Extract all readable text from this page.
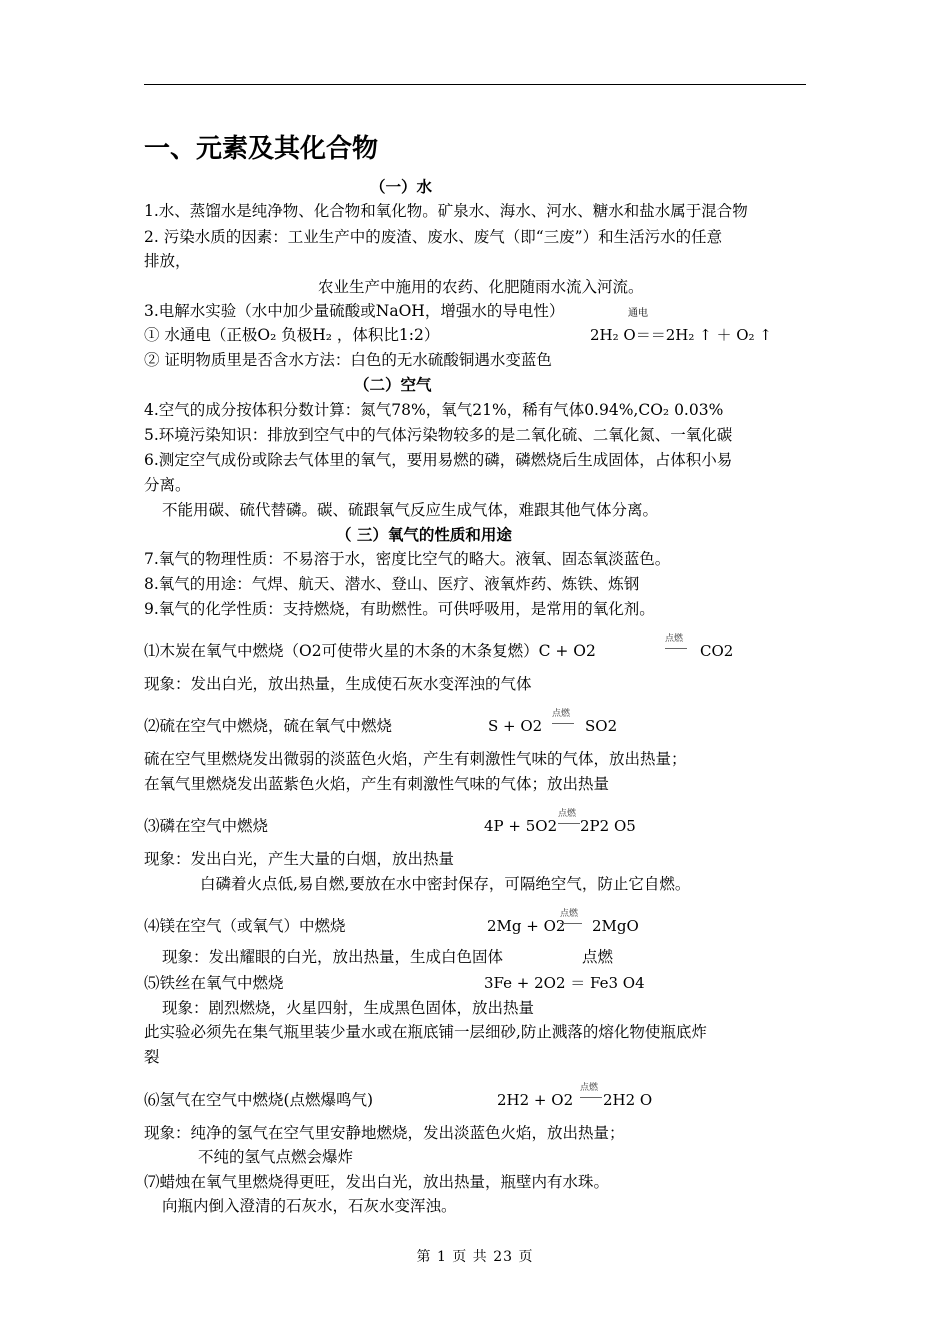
一、元素及其化合物
（一）水
1.水、蒸馏水是纯净物、化合物和氧化物。矿泉水、海水、河水、糖水和盐水属于混合物
2. 污染水质的因素：工业生产中的废渣、废水、废气（即“三废”）和生活污水的任意
排放，
农业生产中施用的农药、化肥随雨水流入河流。
3.电解水实验（水中加少量硫酸或NaOH，增强水的导电性）	通电
① 水通电（正极O₂ 负极H₂ ，体积比1:2）	2H₂ O＝＝2H₂ ↑ ＋ O₂ ↑
② 证明物质里是否含水方法：白色的无水硫酸铜遇水变蓝色
（二）空气
4.空气的成分按体积分数计算：氮气78%，氧气21%，稀有气体0.94%,CO₂ 0.03%
5.环境污染知识：排放到空气中的气体污染物较多的是二氧化硫、二氧化氮、一氧化碳
6.测定空气成份或除去气体里的氧气，要用易燃的磷，磷燃烧后生成固体，占体积小易
分离。
不能用碳、硫代替磷。碳、硫跟氧气反应生成气体，难跟其他气体分离。
（ 三）氧气的性质和用途
7.氧气的物理性质：不易溶于水，密度比空气的略大。液氧、固态氧淡蓝色。
8.氧气的用途：气焊、航天、潜水、登山、医疗、液氧炸药、炼铁、炼钢
9.氧气的化学性质：支持燃烧，有助燃性。可供呼吸用，是常用的氧化剂。
⑴木炭在氧气中燃烧（O2可使带火星的木条的木条复燃）C + O2
点燃
CO2
现象：发出白光，放出热量，生成使石灰水变浑浊的气体
⑵硫在空气中燃烧，硫在氧气中燃烧	S + O2
点燃
SO2
硫在空气里燃烧发出微弱的淡蓝色火焰，产生有刺激性气味的气体，放出热量；
在氧气里燃烧发出蓝紫色火焰，产生有刺激性气味的气体；放出热量
⑶磷在空气中燃烧	4P + 5O2
点燃
2P2 O5
现象：发出白光，产生大量的白烟，放出热量
白磷着火点低,易自燃,要放在水中密封保存，可隔绝空气，防止它自燃。
⑷镁在空气（或氧气）中燃烧	2Mg + O2
点燃
2MgO
现象：发出耀眼的白光，放出热量，生成白色固体	点燃
⑸铁丝在氧气中燃烧	3Fe + 2O2 ＝ Fe3 O4
现象：剧烈燃烧，火星四射，生成黑色固体，放出热量
此实验必须先在集气瓶里装少量水或在瓶底铺一层细砂,防止溅落的熔化物使瓶底炸
裂
⑹氢气在空气中燃烧(点燃爆鸣气)	2H2 + O2
点燃
2H2 O
现象：纯净的氢气在空气里安静地燃烧，发出淡蓝色火焰，放出热量；
不纯的氢气点燃会爆炸
⑺蜡烛在氧气里燃烧得更旺，发出白光，放出热量，瓶壁内有水珠。
向瓶内倒入澄清的石灰水，石灰水变浑浊。
第 1 页 共 23 页
